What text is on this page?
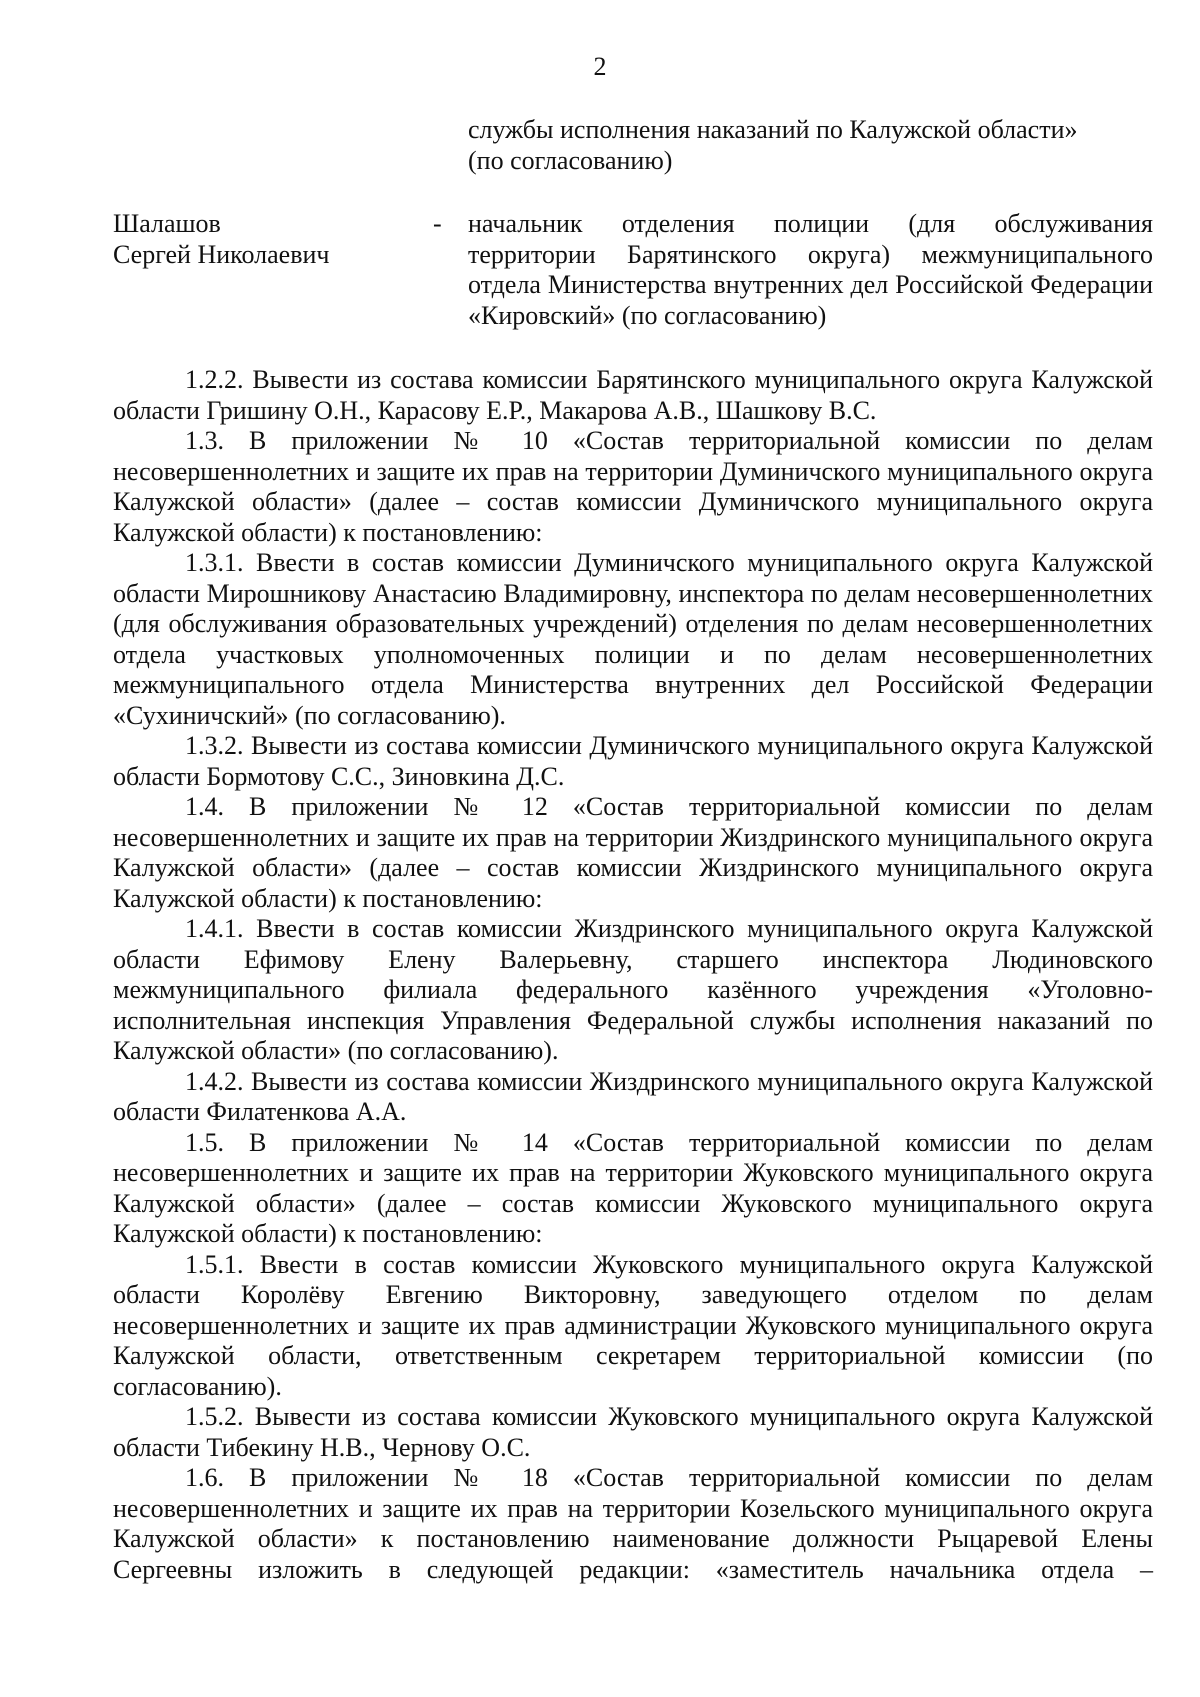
2
службы исполнения наказаний по Калужской области»
(по согласованию)
Шалашов
Сергей Николаевич
- начальник отделения полиции (для обслуживания территории Барятинского округа) межмуниципального отдела Министерства внутренних дел Российской Федерации «Кировский» (по согласованию)

1.2.2. Вывести из состава комиссии Барятинского муниципального округа Калужской области Гришину О.Н., Карасову Е.Р., Макарова А.В., Шашкову В.С.

1.3. В приложении № 10 «Состав территориальной комиссии по делам несовершеннолетних и защите их прав на территории Думиничского муниципального округа Калужской области» (далее – состав комиссии Думиничского муниципального округа Калужской области) к постановлению:

1.3.1. Ввести в состав комиссии Думиничского муниципального округа Калужской области Мирошникову Анастасию Владимировну, инспектора по делам несовершеннолетних (для обслуживания образовательных учреждений) отделения по делам несовершеннолетних отдела участковых уполномоченных полиции и по делам несовершеннолетних межмуниципального отдела Министерства внутренних дел Российской Федерации «Сухиничский» (по согласованию).

1.3.2. Вывести из состава комиссии Думиничского муниципального округа Калужской области Бормотову С.С., Зиновкина Д.С.

1.4. В приложении № 12 «Состав территориальной комиссии по делам несовершеннолетних и защите их прав на территории Жиздринского муниципального округа Калужской области» (далее – состав комиссии Жиздринского муниципального округа Калужской области) к постановлению:

1.4.1. Ввести в состав комиссии Жиздринского муниципального округа Калужской области Ефимову Елену Валерьевну, старшего инспектора Людиновского межмуниципального филиала федерального казённого учреждения «Уголовно-исполнительная инспекция Управления Федеральной службы исполнения наказаний по Калужской области» (по согласованию).

1.4.2. Вывести из состава комиссии Жиздринского муниципального округа Калужской области Филатенкова А.А.

1.5. В приложении № 14 «Состав территориальной комиссии по делам несовершеннолетних и защите их прав на территории Жуковского муниципального округа Калужской области» (далее – состав комиссии Жуковского муниципального округа Калужской области) к постановлению:

1.5.1. Ввести в состав комиссии Жуковского муниципального округа Калужской области Королёву Евгению Викторовну, заведующего отделом по делам несовершеннолетних и защите их прав администрации Жуковского муниципального округа Калужской области, ответственным секретарем территориальной комиссии (по согласованию).

1.5.2. Вывести из состава комиссии Жуковского муниципального округа Калужской области Тибекину Н.В., Чернову О.С.

1.6. В приложении № 18 «Состав территориальной комиссии по делам несовершеннолетних и защите их прав на территории Козельского муниципального округа Калужской области» к постановлению наименование должности Рыцаревой Елены Сергеевны изложить в следующей редакции: «заместитель начальника отдела –
